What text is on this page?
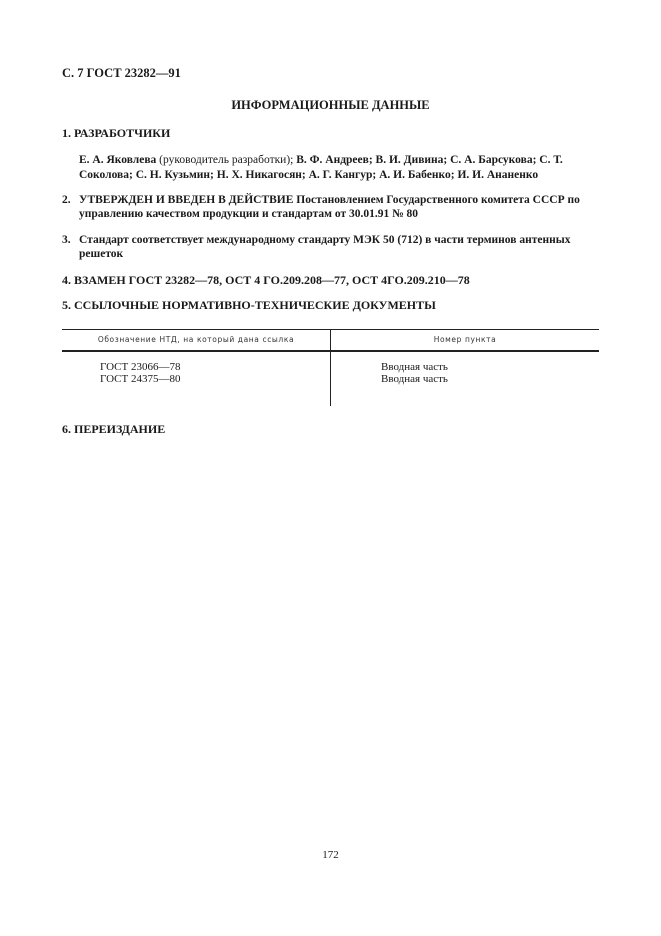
С. 7 ГОСТ 23282—91

ИНФОРМАЦИОННЫЕ ДАННЫЕ

1. РАЗРАБОТЧИКИ

Е. А. Яковлева (руководитель разработки); В. Ф. Андреев; В. И. Дивина; С. А. Барсукова; С. Т.
Соколова; С. Н. Кузьмин; Н. Х. Никагосян; А. Г. Кангур; А. И. Бабенко; И. И. Ананенко
2. УТВЕРЖДЕН И ВВЕДЕН В ДЕЙСТВИЕ Постановлением Государственного комитета СССР по
управлению качеством продукции и стандартам от 30.01.91 № 80
3. Стандарт соответствует международному стандарту МЭК 50 (712) в части терминов антенных
решеток

4. ВЗАМЕН ГОСТ 23282—78, ОСТ 4 ГО.209.208—77, ОСТ 4ГО.209.210—78

5. ССЫЛОЧНЫЕ НОРМАТИВНО-ТЕХНИЧЕСКИЕ ДОКУМЕНТЫ

Обозначение НТД, на который дана ссылка	Номер пункта
ГОСТ 23066—78	Вводная часть
ГОСТ 24375—80	Вводная часть

6. ПЕРЕИЗДАНИЕ

172
